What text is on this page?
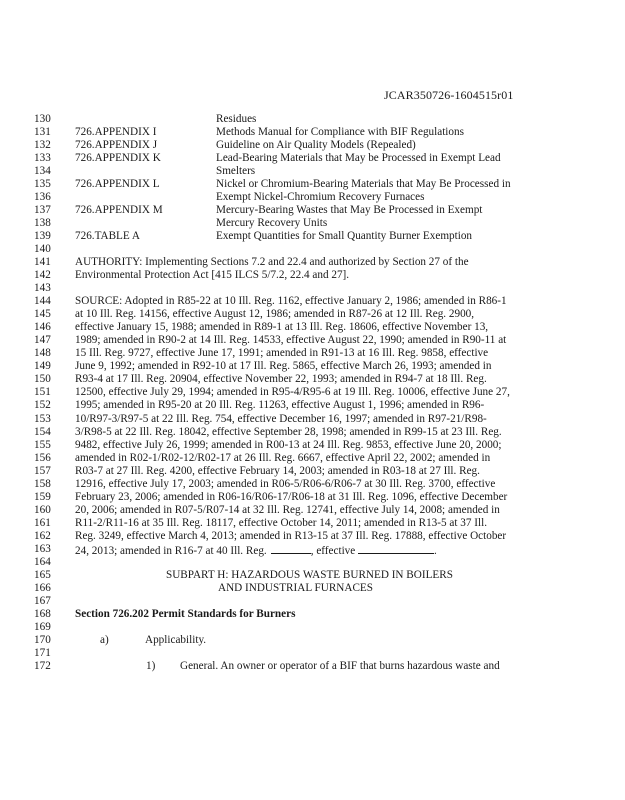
JCAR350726-1604515r01
130	Residues
131	726.APPENDIX I	Methods Manual for Compliance with BIF Regulations
132	726.APPENDIX J	Guideline on Air Quality Models (Repealed)
133	726.APPENDIX K	Lead-Bearing Materials that May be Processed in Exempt Lead
134	Smelters
135	726.APPENDIX L	Nickel or Chromium-Bearing Materials that May Be Processed in
136	Exempt Nickel-Chromium Recovery Furnaces
137	726.APPENDIX M	Mercury-Bearing Wastes that May Be Processed in Exempt
138	Mercury Recovery Units
139	726.TABLE A	Exempt Quantities for Small Quantity Burner Exemption
140
141	AUTHORITY: Implementing Sections 7.2 and 22.4 and authorized by Section 27 of the
142	Environmental Protection Act [415 ILCS 5/7.2, 22.4 and 27].
143
144	SOURCE: Adopted in R85-22 at 10 Ill. Reg. 1162, effective January 2, 1986; amended in R86-1
145	at 10 Ill. Reg. 14156, effective August 12, 1986; amended in R87-26 at 12 Ill. Reg. 2900,
146	effective January 15, 1988; amended in R89-1 at 13 Ill. Reg. 18606, effective November 13,
147	1989; amended in R90-2 at 14 Ill. Reg. 14533, effective August 22, 1990; amended in R90-11 at
148	15 Ill. Reg. 9727, effective June 17, 1991; amended in R91-13 at 16 Ill. Reg. 9858, effective
149	June 9, 1992; amended in R92-10 at 17 Ill. Reg. 5865, effective March 26, 1993; amended in
150	R93-4 at 17 Ill. Reg. 20904, effective November 22, 1993; amended in R94-7 at 18 Ill. Reg.
151	12500, effective July 29, 1994; amended in R95-4/R95-6 at 19 Ill. Reg. 10006, effective June 27,
152	1995; amended in R95-20 at 20 Ill. Reg. 11263, effective August 1, 1996; amended in R96-
153	10/R97-3/R97-5 at 22 Ill. Reg. 754, effective December 16, 1997; amended in R97-21/R98-
154	3/R98-5 at 22 Ill. Reg. 18042, effective September 28, 1998; amended in R99-15 at 23 Ill. Reg.
155	9482, effective July 26, 1999; amended in R00-13 at 24 Ill. Reg. 9853, effective June 20, 2000;
156	amended in R02-1/R02-12/R02-17 at 26 Ill. Reg. 6667, effective April 22, 2002; amended in
157	R03-7 at 27 Ill. Reg. 4200, effective February 14, 2003; amended in R03-18 at 27 Ill. Reg.
158	12916, effective July 17, 2003; amended in R06-5/R06-6/R06-7 at 30 Ill. Reg. 3700, effective
159	February 23, 2006; amended in R06-16/R06-17/R06-18 at 31 Ill. Reg. 1096, effective December
160	20, 2006; amended in R07-5/R07-14 at 32 Ill. Reg. 12741, effective July 14, 2008; amended in
161	R11-2/R11-16 at 35 Ill. Reg. 18117, effective October 14, 2011; amended in R13-5 at 37 Ill.
162	Reg. 3249, effective March 4, 2013; amended in R13-15 at 37 Ill. Reg. 17888, effective October
163	24, 2013; amended in R16-7 at 40 Ill. Reg.	, effective	.
164
165	SUBPART H: HAZARDOUS WASTE BURNED IN BOILERS
166	AND INDUSTRIAL FURNACES
167
168	Section 726.202 Permit Standards for Burners
169
170	a)	Applicability.
171
172	1) General. An owner or operator of a BIF that burns hazardous waste and
